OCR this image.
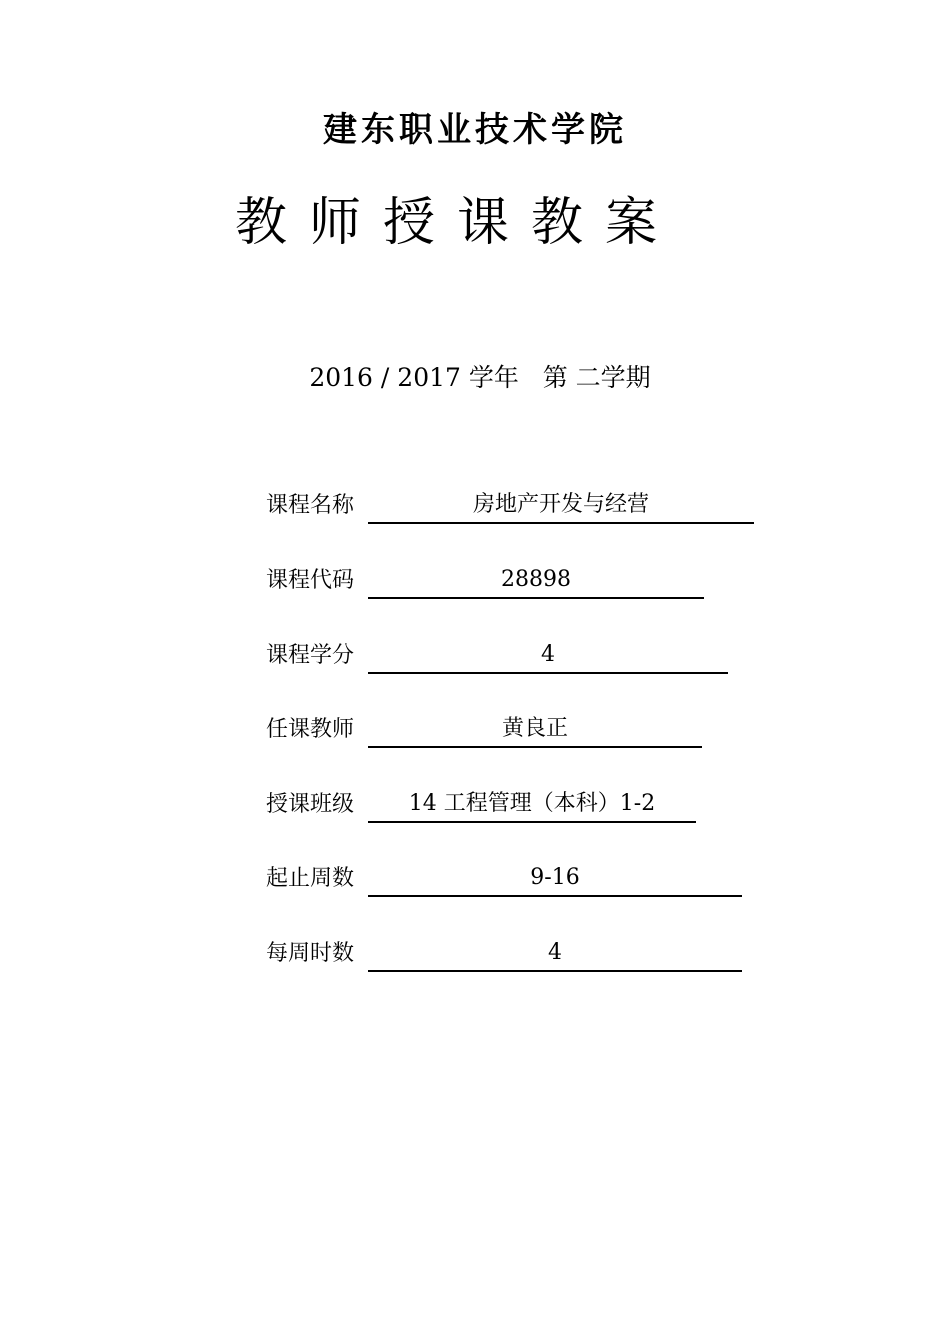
建东职业技术学院
教师授课教案
2016 / 2017 学年   第 二学期
课程名称	房地产开发与经营
课程代码	28898
课程学分	4
任课教师	黄良正
授课班级	14 工程管理（本科）1-2
起止周数	9-16
每周时数	4
